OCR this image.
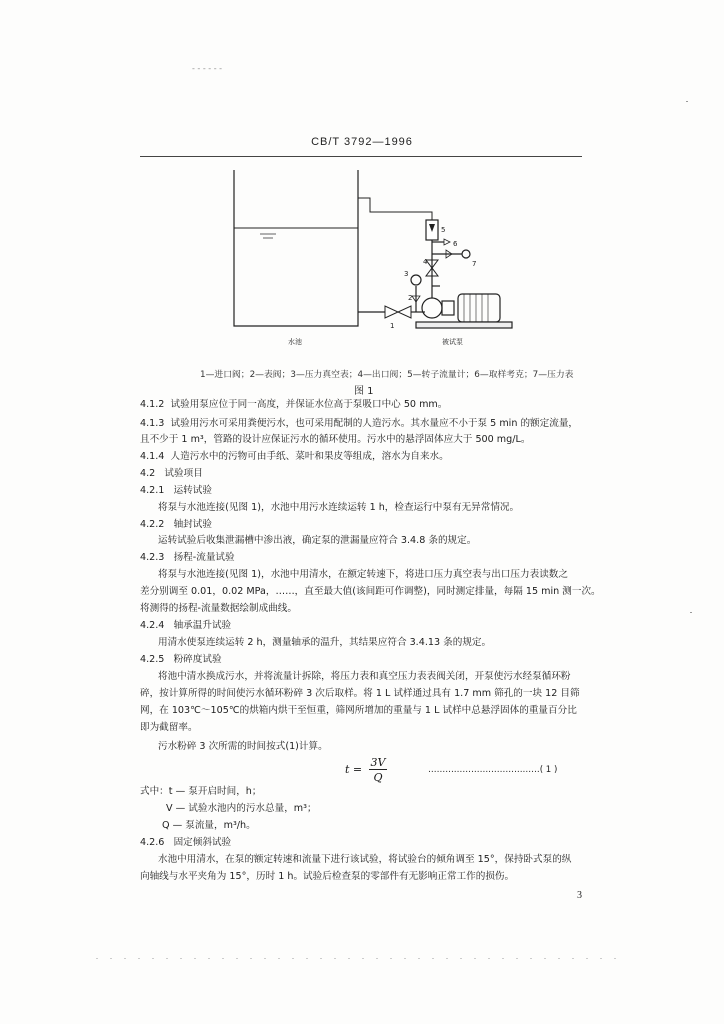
- - - - - -
CB/T 3792—1996
3
2
1
4
5
6
7
水池	被试泵
1—进口阀；2—表阀；3—压力真空表；4—出口阀；5—转子流量计；6—取样考克；7—压力表
图 1
4.1.2 试验用泵应位于同一高度，并保证水位高于泵吸口中心 50 mm。
4.1.3 试验用污水可采用粪便污水，也可采用配制的人造污水。其水量应不小于泵 5 min 的额定流量，
且不少于 1 m³，管路的设计应保证污水的循环使用。污水中的悬浮固体应大于 500 mg/L。
4.1.4 人造污水中的污物可由手纸、菜叶和果皮等组成，溶水为自来水。
4.2 试验项目
4.2.1 运转试验
将泵与水池连接(见图 1)，水池中用污水连续运转 1 h，检查运行中泵有无异常情况。
4.2.2 轴封试验
运转试验后收集泄漏槽中渗出液，确定泵的泄漏量应符合 3.4.8 条的规定。
4.2.3 扬程-流量试验
将泵与水池连接(见图 1)，水池中用清水，在额定转速下，将进口压力真空表与出口压力表读数之
差分别调至 0.01，0.02 MPa，……，直至最大值(该间距可作调整)，同时测定排量，每隔 15 min 测一次。
将测得的扬程-流量数据绘制成曲线。
4.2.4 轴承温升试验
用清水使泵连续运转 2 h，测量轴承的温升，其结果应符合 3.4.13 条的规定。
4.2.5 粉碎度试验
将池中清水换成污水，并将流量计拆除，将压力表和真空压力表表阀关闭，开泵使污水经泵循环粉
碎，按计算所得的时间使污水循环粉碎 3 次后取样。将 1 L 试样通过具有 1.7 mm 筛孔的一块 12 目筛
网，在 103℃～105℃的烘箱内烘干至恒重，筛网所增加的重量与 1 L 试样中总悬浮固体的重量百分比
即为截留率。
污水粉碎 3 次所需的时间按式(1)计算。
t =
3V
Q
…………………………………( 1 )
式中：t — 泵开启时间，h；
V — 试验水池内的污水总量，m³；
Q — 泵流量，m³/h。
4.2.6 固定倾斜试验
水池中用清水，在泵的额定转速和流量下进行该试验，将试验台的倾角调至 15°，保持卧式泵的纵
向轴线与水平夹角为 15°，历时 1 h。试验后检查泵的零部件有无影响正常工作的损伤。
3
